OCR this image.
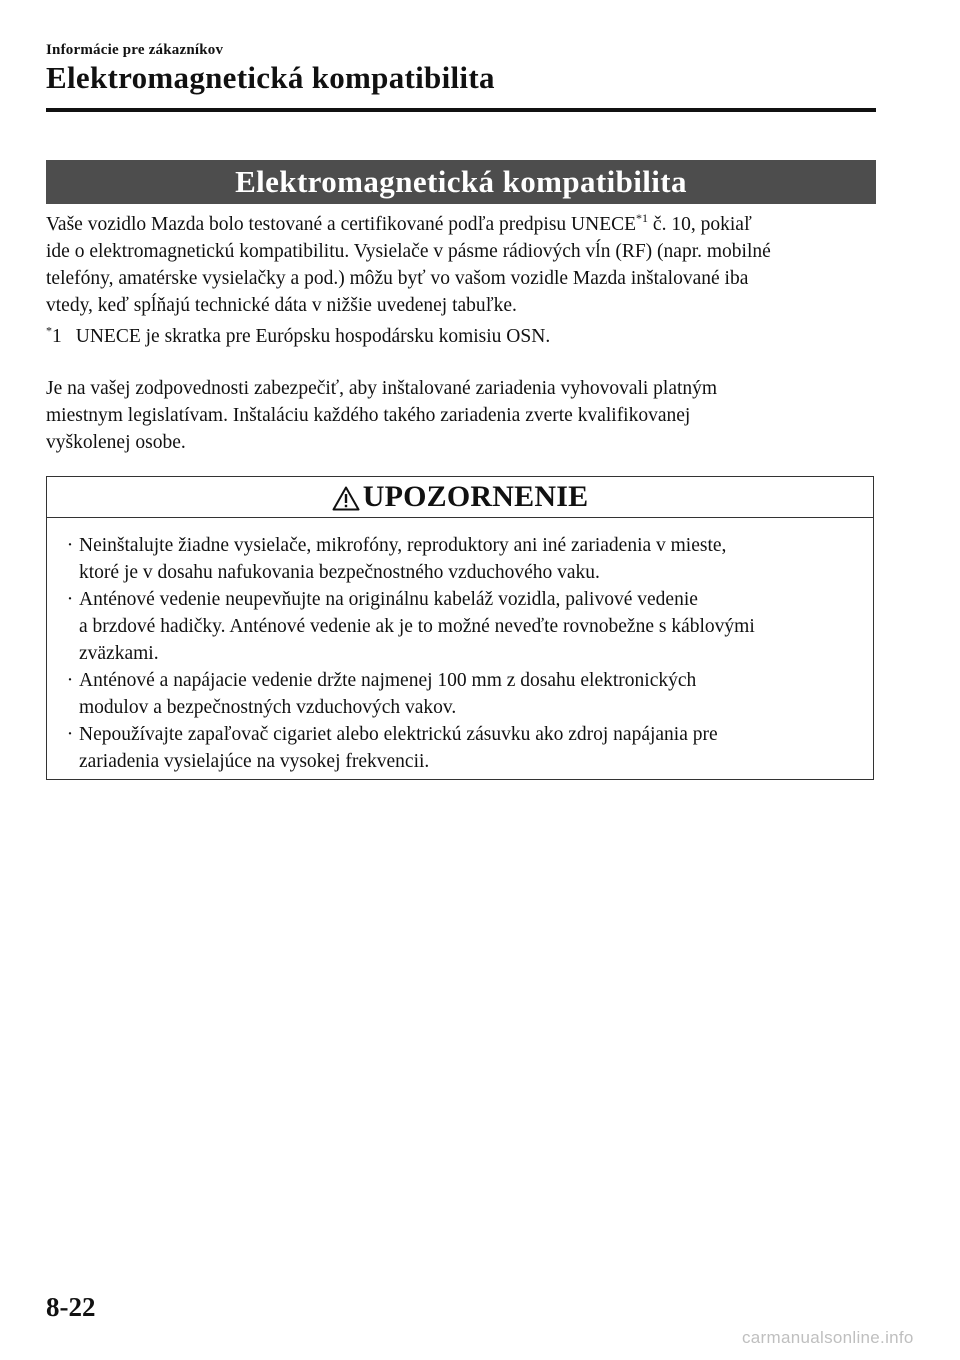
Informácie pre zákazníkov
Elektromagnetická kompatibilita
Elektromagnetická kompatibilita

Vaše vozidlo Mazda bolo testované a certifikované podľa predpisu UNECE$^{*1}$ č. 10, pokiaľ

ide o elektromagnetickú kompatibilitu. Vysielače v pásme rádiových vĺn (RF) (napr. mobilné

telefóny, amatérske vysielačky a pod.) môžu byť vo vašom vozidle Mazda inštalované iba

vtedy, keď spĺňajú technické dáta v nižšie uvedenej tabuľke.

*1 UNECE je skratka pre Európsku hospodársku komisiu OSN.

Je na vašej zodpovednosti zabezpečiť, aby inštalované zariadenia vyhovovali platným

miestnym legislatívam. Inštaláciu každého takého zariadenia zverte kvalifikovanej

vyškolenej osobe.

UPOZORNENIE
· Neinštalujte žiadne vysielače, mikrofóny, reproduktory ani iné zariadenia v mieste,
ktoré je v dosahu nafukovania bezpečnostného vzduchového vaku.
· Anténové vedenie neupevňujte na originálnu kabeláž vozidla, palivové vedenie
a brzdové hadičky. Anténové vedenie ak je to možné neveďte rovnobežne s káblovými
zväzkami.
· Anténové a napájacie vedenie držte najmenej 100 mm z dosahu elektronických
modulov a bezpečnostných vzduchových vakov.
· Nepoužívajte zapaľovač cigariet alebo elektrickú zásuvku ako zdroj napájania pre
zariadenia vysielajúce na vysokej frekvencii.
8-22
carmanualsonline.info
